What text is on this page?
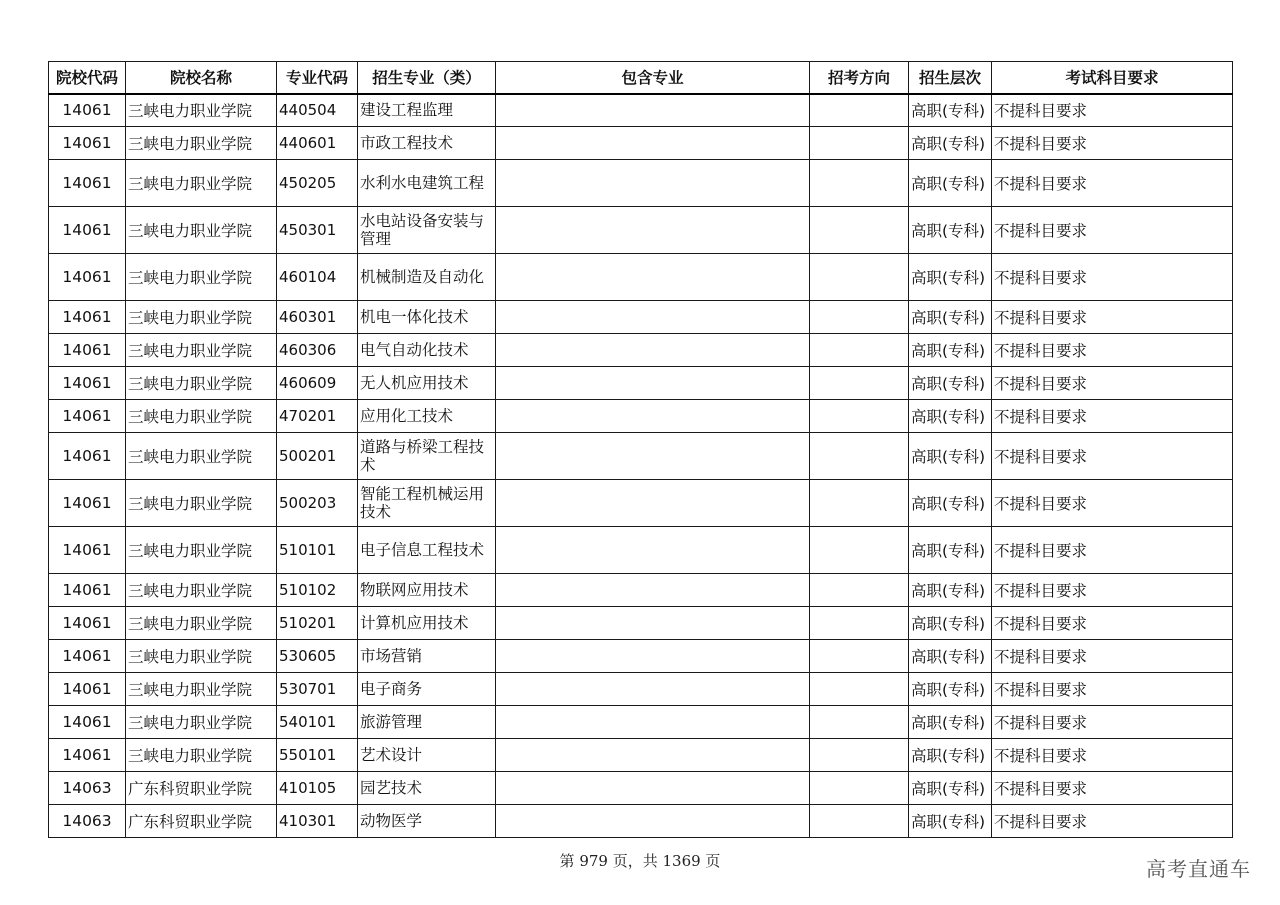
院校代码	院校名称	专业代码	招生专业（类）	包含专业	招考方向	招生层次	考试科目要求
14061	三峡电力职业学院	440504	建设工程监理			高职(专科)	不提科目要求
14061	三峡电力职业学院	440601	市政工程技术			高职(专科)	不提科目要求
14061	三峡电力职业学院	450205	水利水电建筑工程			高职(专科)	不提科目要求
14061	三峡电力职业学院	450301	水电站设备安装与管理			高职(专科)	不提科目要求
14061	三峡电力职业学院	460104	机械制造及自动化			高职(专科)	不提科目要求
14061	三峡电力职业学院	460301	机电一体化技术			高职(专科)	不提科目要求
14061	三峡电力职业学院	460306	电气自动化技术			高职(专科)	不提科目要求
14061	三峡电力职业学院	460609	无人机应用技术			高职(专科)	不提科目要求
14061	三峡电力职业学院	470201	应用化工技术			高职(专科)	不提科目要求
14061	三峡电力职业学院	500201	道路与桥梁工程技术			高职(专科)	不提科目要求
14061	三峡电力职业学院	500203	智能工程机械运用技术			高职(专科)	不提科目要求
14061	三峡电力职业学院	510101	电子信息工程技术			高职(专科)	不提科目要求
14061	三峡电力职业学院	510102	物联网应用技术			高职(专科)	不提科目要求
14061	三峡电力职业学院	510201	计算机应用技术			高职(专科)	不提科目要求
14061	三峡电力职业学院	530605	市场营销			高职(专科)	不提科目要求
14061	三峡电力职业学院	530701	电子商务			高职(专科)	不提科目要求
14061	三峡电力职业学院	540101	旅游管理			高职(专科)	不提科目要求
14061	三峡电力职业学院	550101	艺术设计			高职(专科)	不提科目要求
14063	广东科贸职业学院	410105	园艺技术			高职(专科)	不提科目要求
14063	广东科贸职业学院	410301	动物医学			高职(专科)	不提科目要求
第 979 页，共 1369 页	高考直通车
